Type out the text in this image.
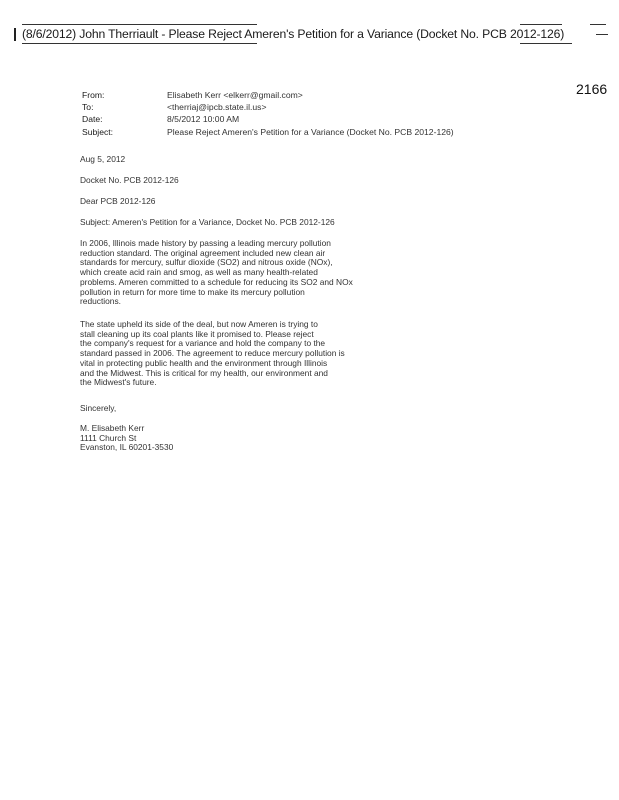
(8/6/2012) John Therriault - Please Reject Ameren's Petition for a Variance (Docket No. PCB 2012-126)
2166
From:	Elisabeth Kerr <elkerr@gmail.com>
To:	<therriaj@ipcb.state.il.us>
Date:	8/5/2012 10:00 AM
Subject:	Please Reject Ameren's Petition for a Variance (Docket No. PCB 2012-126)
Aug 5, 2012
Docket No. PCB 2012-126
Dear PCB 2012-126
Subject: Ameren's Petition for a Variance, Docket No. PCB 2012-126

In 2006, Illinois made history by passing a leading mercury pollution

reduction standard. The original agreement included new clean air

standards for mercury, sulfur dioxide (SO2) and nitrous oxide (NOx),

which create acid rain and smog, as well as many health-related

problems. Ameren committed to a schedule for reducing its SO2 and NOx

pollution in return for more time to make its mercury pollution

reductions.

The state upheld its side of the deal, but now Ameren is trying to

stall cleaning up its coal plants like it promised to. Please reject

the company's request for a variance and hold the company to the

standard passed in 2006. The agreement to reduce mercury pollution is

vital in protecting public health and the environment through Illinois

and the Midwest. This is critical for my health, our environment and

the Midwest's future.

Sincerely,

M. Elisabeth Kerr

1111 Church St

Evanston, IL 60201-3530
